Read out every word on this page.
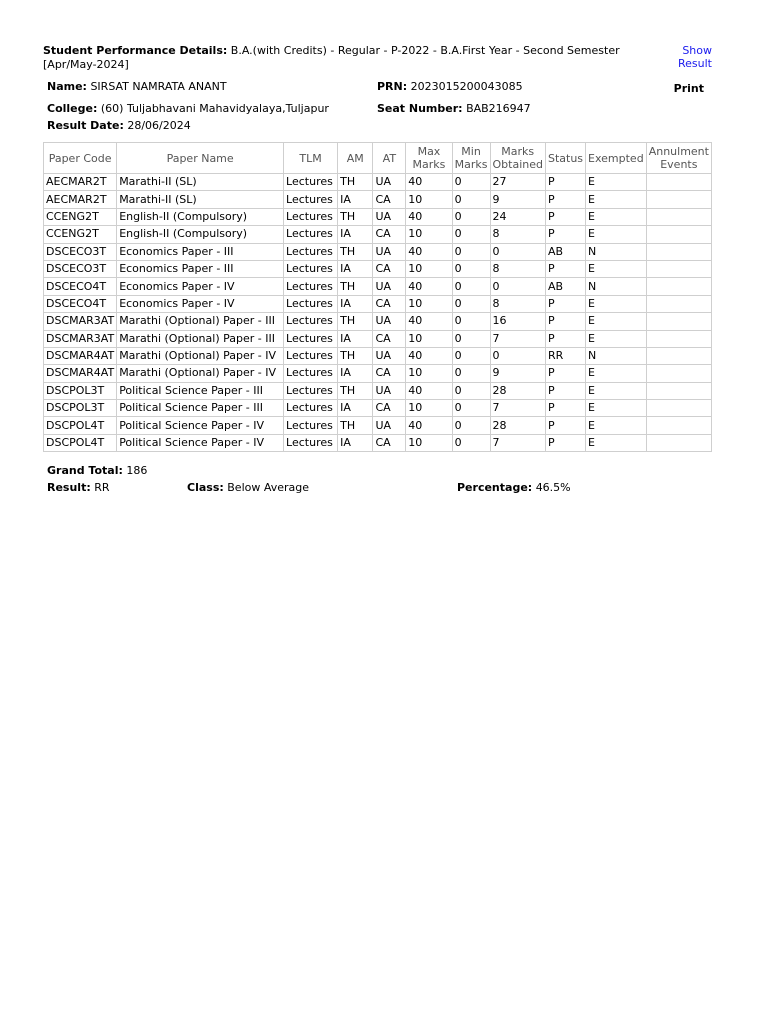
Student Performance Details: B.A.(with Credits) - Regular - P-2022 - B.A.First Year - Second Semester [Apr/May-2024]
Show Result
Name: SIRSAT NAMRATA ANANT	PRN: 2023015200043085	Print
College: (60) Tuljabhavani Mahavidyalaya,Tuljapur	Seat Number: BAB216947
Result Date: 28/06/2024
Paper Code	Paper Name	TLM	AM	AT	Max Marks	Min Marks	Marks Obtained	Status	Exempted	Annulment Events
AECMAR2T	Marathi-II (SL)	Lectures	TH	UA	40	0	27	P	E	
AECMAR2T	Marathi-II (SL)	Lectures	IA	CA	10	0	9	P	E	
CCENG2T	English-II (Compulsory)	Lectures	TH	UA	40	0	24	P	E	
CCENG2T	English-II (Compulsory)	Lectures	IA	CA	10	0	8	P	E	
DSCECO3T	Economics Paper - III	Lectures	TH	UA	40	0	0	AB	N	
DSCECO3T	Economics Paper - III	Lectures	IA	CA	10	0	8	P	E	
DSCECO4T	Economics Paper - IV	Lectures	TH	UA	40	0	0	AB	N	
DSCECO4T	Economics Paper - IV	Lectures	IA	CA	10	0	8	P	E	
DSCMAR3AT	Marathi (Optional) Paper - III	Lectures	TH	UA	40	0	16	P	E	
DSCMAR3AT	Marathi (Optional) Paper - III	Lectures	IA	CA	10	0	7	P	E	
DSCMAR4AT	Marathi (Optional) Paper - IV	Lectures	TH	UA	40	0	0	RR	N	
DSCMAR4AT	Marathi (Optional) Paper - IV	Lectures	IA	CA	10	0	9	P	E	
DSCPOL3T	Political Science Paper - III	Lectures	TH	UA	40	0	28	P	E	
DSCPOL3T	Political Science Paper - III	Lectures	IA	CA	10	0	7	P	E	
DSCPOL4T	Political Science Paper - IV	Lectures	TH	UA	40	0	28	P	E	
DSCPOL4T	Political Science Paper - IV	Lectures	IA	CA	10	0	7	P	E	
Grand Total: 186
Result: RR	Class: Below Average	Percentage: 46.5%
